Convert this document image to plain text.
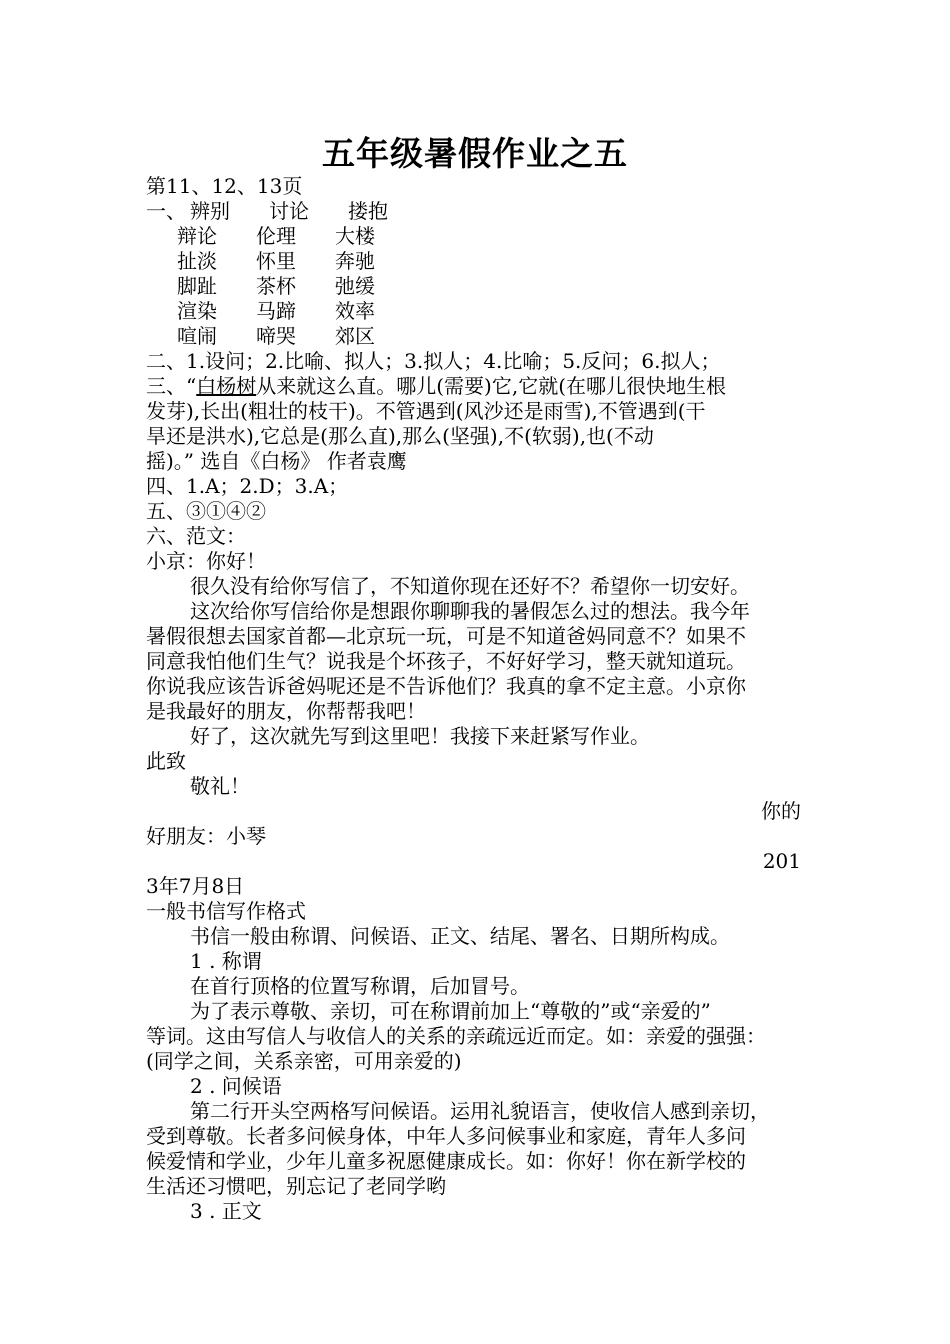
五年级暑假作业之五
第11、12、13页
一、 辨别 讨论 搂抱
辩论 伦理 大楼
扯淡 怀里 奔驰
脚趾 茶杯 弛缓
渲染 马蹄 效率
喧闹 啼哭 郊区
二、1.设问；2.比喻、拟人；3.拟人；4.比喻；5.反问；6.拟人；
三、“白杨树从来就这么直。哪儿(需要)它,它就(在哪儿很快地生根
发芽),长出(粗壮的枝干)。不管遇到(风沙还是雨雪),不管遇到(干
旱还是洪水),它总是(那么直),那么(坚强),不(软弱),也(不动
摇)。” 选自《白杨》 作者袁鹰
四、1.A；2.D；3.A；
五、③①④②
六、范文：
小京：你好！
很久没有给你写信了，不知道你现在还好不？希望你一切安好。
这次给你写信给你是想跟你聊聊我的暑假怎么过的想法。我今年
暑假很想去国家首都—北京玩一玩，可是不知道爸妈同意不？如果不
同意我怕他们生气？说我是个坏孩子，不好好学习，整天就知道玩。
你说我应该告诉爸妈呢还是不告诉他们？我真的拿不定主意。小京你
是我最好的朋友，你帮帮我吧！
好了，这次就先写到这里吧！我接下来赶紧写作业。
此致
敬礼！
你的
好朋友：小琴
201
3年7月8日
一般书信写作格式
书信一般由称谓、问候语、正文、结尾、署名、日期所构成。
1 . 称谓
在首行顶格的位置写称谓，后加冒号。
为了表示尊敬、亲切，可在称谓前加上“尊敬的”或“亲爱的”
等词。这由写信人与收信人的关系的亲疏远近而定。如：亲爱的强强：
(同学之间，关系亲密，可用亲爱的)
2 . 问候语
第二行开头空两格写问候语。运用礼貌语言，使收信人感到亲切，
受到尊敬。长者多问候身体，中年人多问候事业和家庭，青年人多问
候爱情和学业，少年儿童多祝愿健康成长。如：你好！你在新学校的
生活还习惯吧，别忘记了老同学哟
3 . 正文
